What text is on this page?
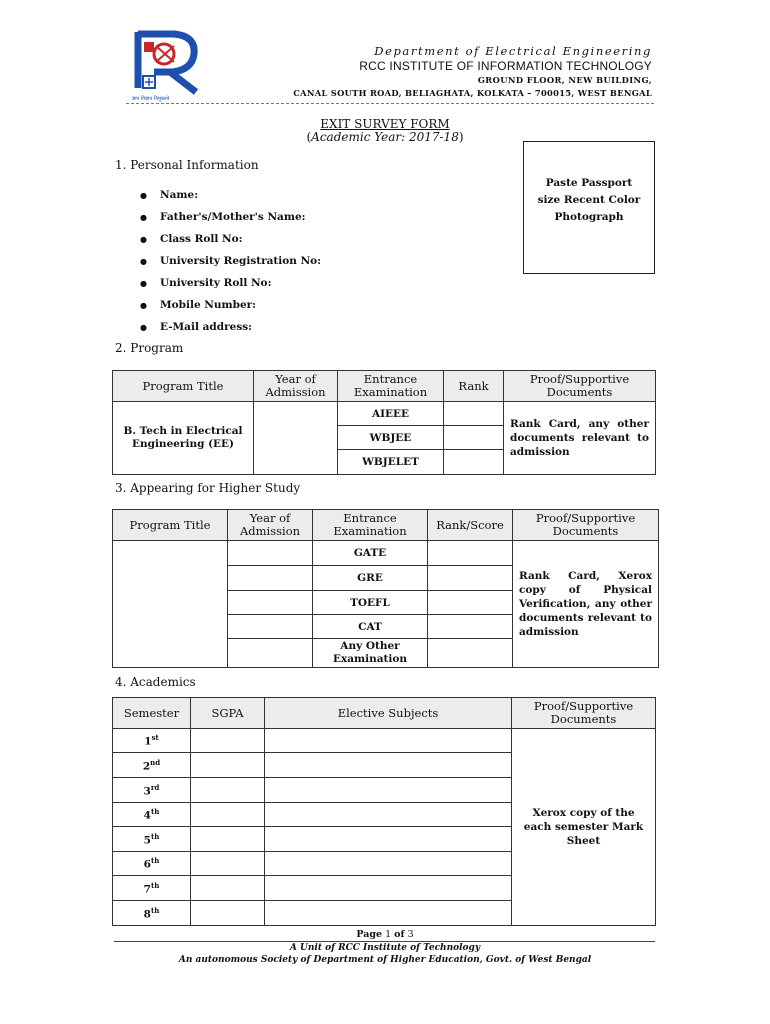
ज्ञान विज्ञान विमुक्तये
Department of Electrical Engineering
RCC INSTITUTE OF INFORMATION TECHNOLOGY
GROUND FLOOR, NEW BUILDING,
CANAL SOUTH ROAD, BELIAGHATA, KOLKATA – 700015, WEST BENGAL
EXIT SURVEY FORM
(Academic Year: 2017-18)
Paste Passport
size Recent Color
Photograph
1. Personal Information
●	Name:
●	Father's/Mother's Name:
●	Class Roll No:
●	University Registration No:
●	University Roll No:
●	Mobile Number:
●	E-Mail address:
2. Program
Program Title	Year of Admission	Entrance Examination	Rank	Proof/Supportive Documents
B. Tech in Electrical Engineering (EE)		AIEEE		Rank Card, any other documents relevant to admission
		WBJEE		
		WBJELET		
3. Appearing for Higher Study
Program Title	Year of Admission	Entrance Examination	Rank/Score	Proof/Supportive Documents
		GATE		Rank Card, Xerox copy of Physical Verification, any other documents relevant to admission
		GRE		
		TOEFL		
		CAT		
		Any Other Examination		
4. Academics
Semester	SGPA	Elective Subjects	Proof/Supportive Documents
1st			Xerox copy of the each semester Mark Sheet
2nd		
3rd		
4th		
5th		
6th		
7th		
8th		
Page 1 of 3
A Unit of RCC Institute of Technology
An autonomous Society of Department of Higher Education, Govt. of West Bengal
